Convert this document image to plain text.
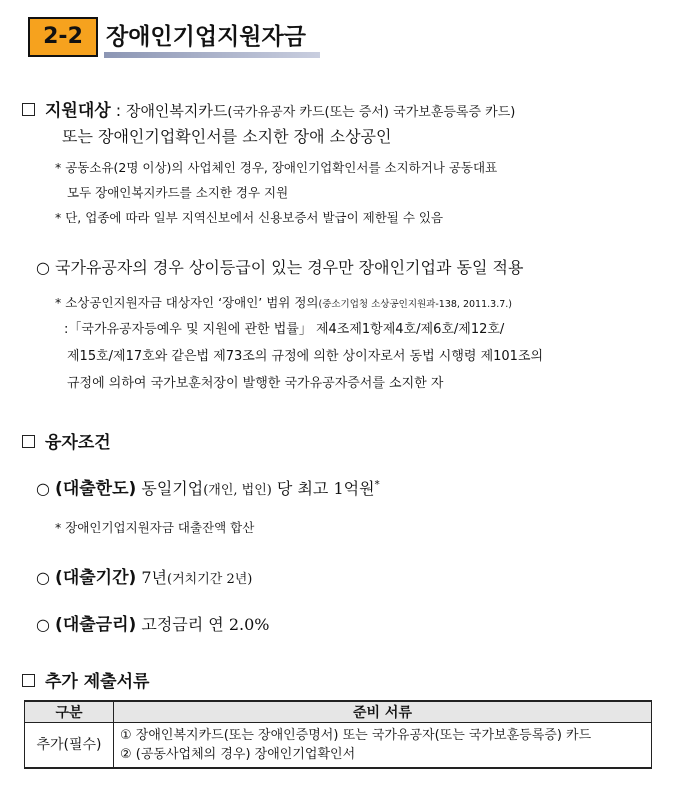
2-2	장애인기업지원자금
지원대상 : 장애인복지카드(국가유공자 카드(또는 증서) 국가보훈등록증 카드)
또는 장애인기업확인서를 소지한 장애 소상공인
* 공동소유(2명 이상)의 사업체인 경우, 장애인기업확인서를 소지하거나 공동대표
모두 장애인복지카드를 소지한 경우 지원
* 단, 업종에 따라 일부 지역신보에서 신용보증서 발급이 제한될 수 있음
○ 국가유공자의 경우 상이등급이 있는 경우만 장애인기업과 동일 적용
* 소상공인지원자금 대상자인 ‘장애인’ 범위 정의(중소기업청 소상공인지원과-138, 2011.3.7.)
:「국가유공자등예우 및 지원에 관한 법률」 제4조제1항제4호/제6호/제12호/
제15호/제17호와 같은법 제73조의 규정에 의한 상이자로서 동법 시행령 제101조의
규정에 의하여 국가보훈처장이 발행한 국가유공자증서를 소지한 자
융자조건
○ (대출한도) 동일기업(개인, 법인) 당 최고 1억원*
* 장애인기업지원자금 대출잔액 합산
○ (대출기간) 7년(거치기간 2년)
○ (대출금리) 고정금리 연 2.0%
추가 제출서류
구분	준비 서류
추가(필수)	① 장애인복지카드(또는 장애인증명서) 또는 국가유공자(또는 국가보훈등록증) 카드
② (공동사업체의 경우) 장애인기업확인서
